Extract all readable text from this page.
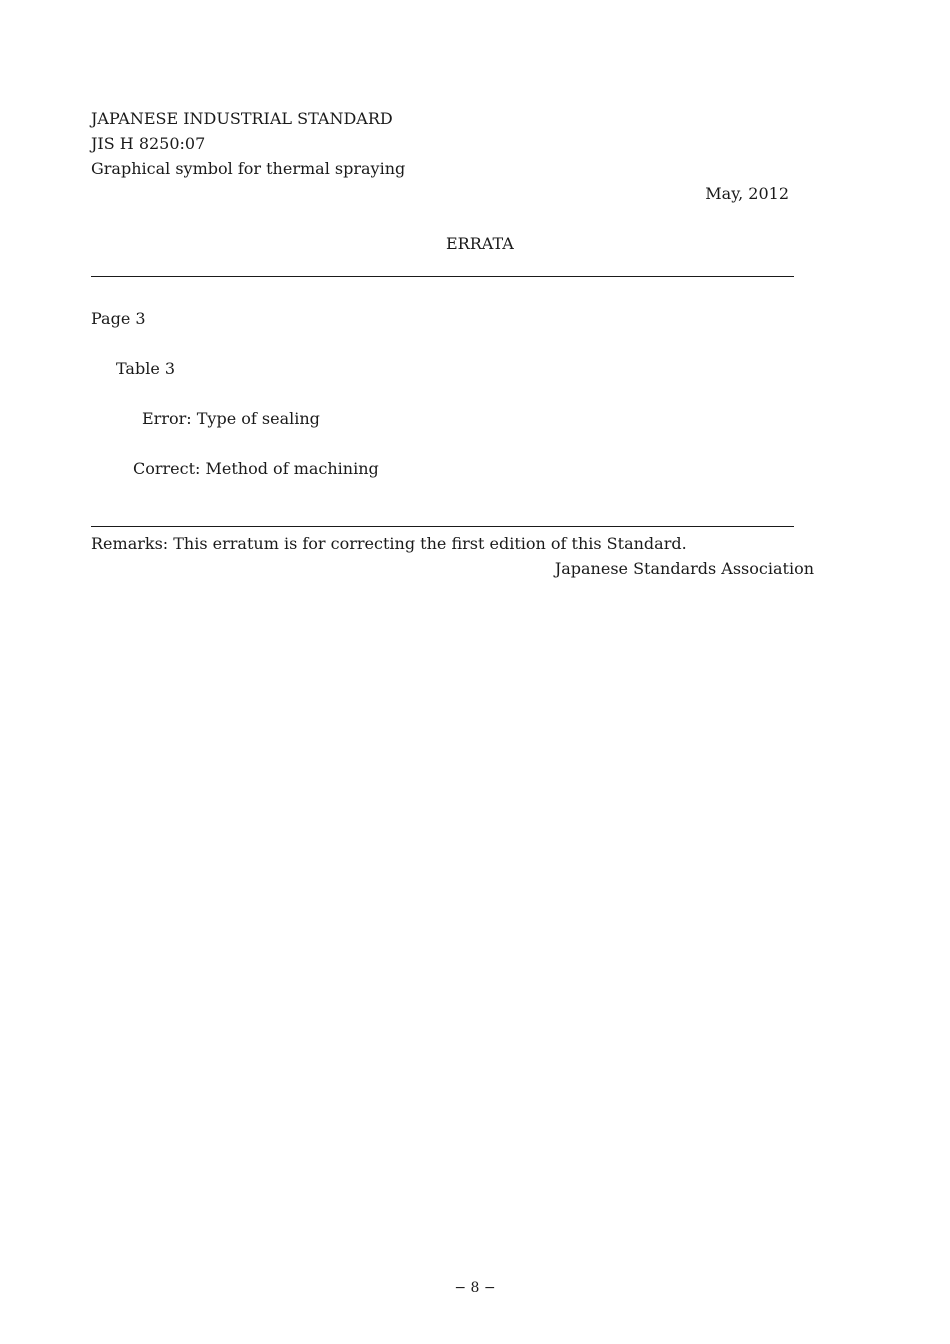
JAPANESE INDUSTRIAL STANDARD
JIS H 8250:07
Graphical symbol for thermal spraying
May, 2012
ERRATA
Page 3
Table 3
Error: Type of sealing
Correct: Method of machining
Remarks: This erratum is for correcting the first edition of this Standard.
Japanese Standards Association
− 8 −
